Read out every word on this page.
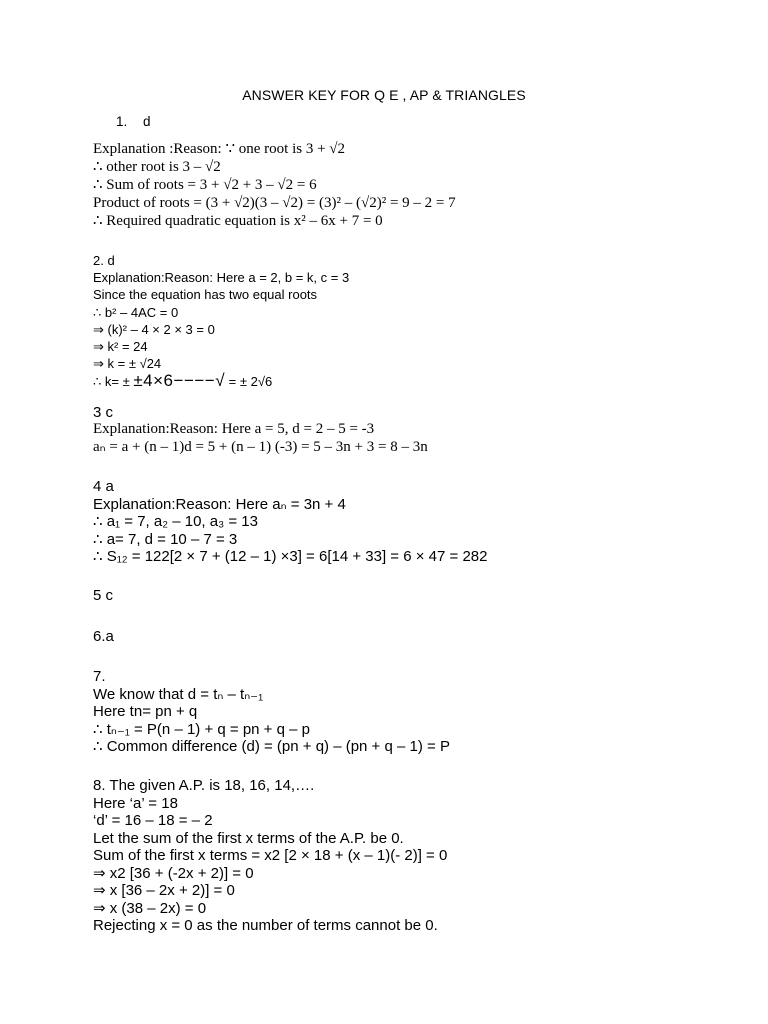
ANSWER KEY FOR Q E , AP & TRIANGLES
1. d
Explanation :Reason: ∵ one root is 3 + √2
∴ other root is 3 – √2
∴ Sum of roots = 3 + √2 + 3 – √2 = 6
Product of roots = (3 + √2)(3 – √2) = (3)² – (√2)² = 9 – 2 = 7
∴ Required quadratic equation is x² – 6x + 7 = 0
2. d
Explanation:Reason: Here a = 2, b = k, c = 3
Since the equation has two equal roots
∴ b² – 4AC = 0
⇒ (k)² – 4 × 2 × 3 = 0
⇒ k² = 24
⇒ k = ± √24
∴ k= ± ±4×6−−−−√ = ± 2√6
3 c
Explanation:Reason: Here a = 5, d = 2 – 5 = -3
aₙ = a + (n – 1)d = 5 + (n – 1) (-3) = 5 – 3n + 3 = 8 – 3n
4 a
Explanation:Reason: Here aₙ = 3n + 4
∴ a₁ = 7, a₂ – 10, a₃ = 13
∴ a= 7, d = 10 – 7 = 3
∴ S₁₂ = 122[2 × 7 + (12 – 1) ×3] = 6[14 + 33] = 6 × 47 = 282
5 c
6.a
7.
We know that d = tₙ – tₙ₋₁
Here tn= pn + q
∴ tₙ₋₁ = P(n – 1) + q = pn + q – p
∴ Common difference (d) = (pn + q) – (pn + q – 1) = P
8. The given A.P. is 18, 16, 14,….
Here ‘a’ = 18
‘d’ = 16 – 18 = – 2
Let the sum of the first x terms of the A.P. be 0.
Sum of the first x terms = x2 [2 × 18 + (x – 1)(- 2)] = 0
⇒ x2 [36 + (-2x + 2)] = 0
⇒ x [36 – 2x + 2)] = 0
⇒ x (38 – 2x) = 0
Rejecting x = 0 as the number of terms cannot be 0.
